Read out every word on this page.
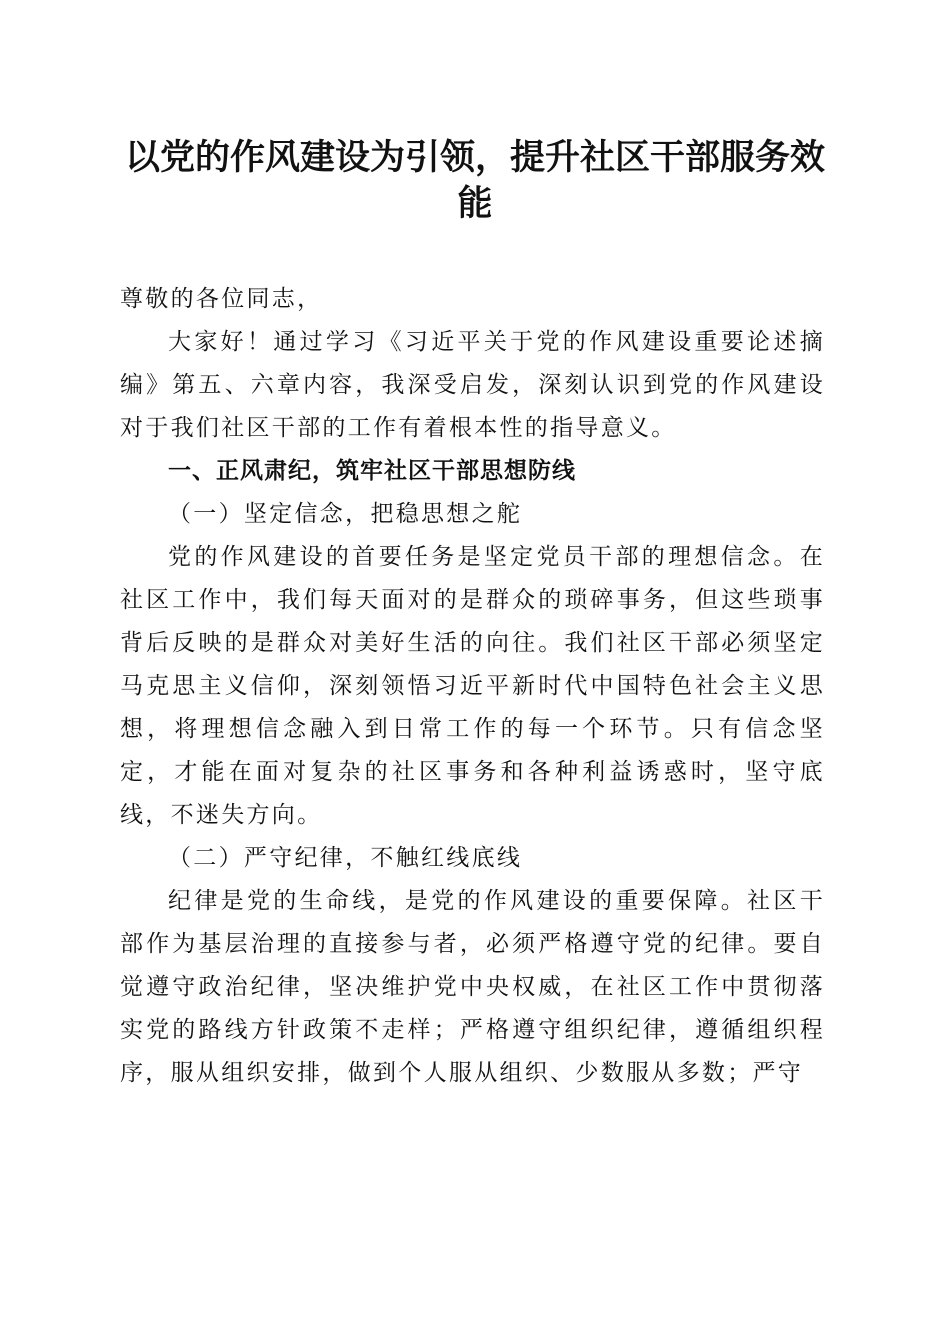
以党的作风建设为引领，提升社区干部服务效能

尊敬的各位同志，

大家好！通过学习《习近平关于党的作风建设重要论述摘编》第五、六章内容，我深受启发，深刻认识到党的作风建设对于我们社区干部的工作有着根本性的指导意义。

一、正风肃纪，筑牢社区干部思想防线

（一）坚定信念，把稳思想之舵

党的作风建设的首要任务是坚定党员干部的理想信念。在社区工作中，我们每天面对的是群众的琐碎事务，但这些琐事背后反映的是群众对美好生活的向往。我们社区干部必须坚定马克思主义信仰，深刻领悟习近平新时代中国特色社会主义思想，将理想信念融入到日常工作的每一个环节。只有信念坚定，才能在面对复杂的社区事务和各种利益诱惑时，坚守底线，不迷失方向。

（二）严守纪律，不触红线底线

纪律是党的生命线，是党的作风建设的重要保障。社区干部作为基层治理的直接参与者，必须严格遵守党的纪律。要自觉遵守政治纪律，坚决维护党中央权威，在社区工作中贯彻落实党的路线方针政策不走样；严格遵守组织纪律，遵循组织程序，服从组织安排，做到个人服从组织、少数服从多数；严守
